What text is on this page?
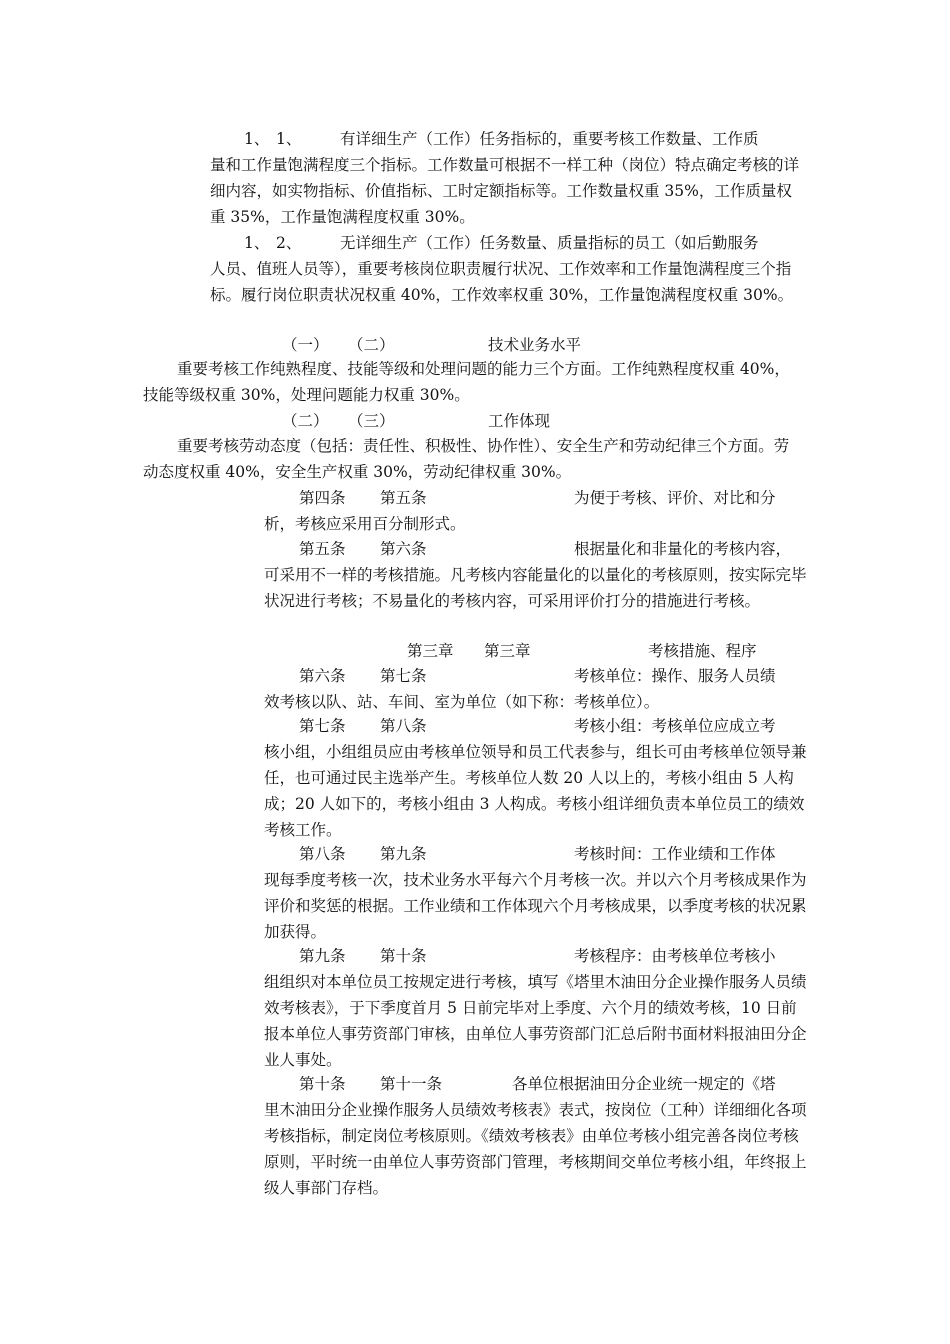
1、 1、 有详细生产（工作）任务指标的，重要考核工作数量、工作质
量和工作量饱满程度三个指标。工作数量可根据不一样工种（岗位）特点确定考核的详细内容，如实物指标、价值指标、工时定额指标等。工作数量权重 35%，工作质量权重 35%，工作量饱满程度权重 30%。
1、 2、 无详细生产（工作）任务数量、质量指标的员工（如后勤服务
人员、值班人员等），重要考核岗位职责履行状况、工作效率和工作量饱满程度三个指标。履行岗位职责状况权重 40%，工作效率权重 30%，工作量饱满程度权重 30%。
（一） （二）	技术业务水平
重要考核工作纯熟程度、技能等级和处理问题的能力三个方面。工作纯熟程度权重 40%，技能等级权重 30%，处理问题能力权重 30%。
（二） （三）	工作体现
重要考核劳动态度（包括：责任性、积极性、协作性）、安全生产和劳动纪律三个方面。劳动态度权重 40%，安全生产权重 30%，劳动纪律权重 30%。
第四条 第五条	为便于考核、评价、对比和分
析，考核应采用百分制形式。
第五条 第六条	根据量化和非量化的考核内容，
可采用不一样的考核措施。凡考核内容能量化的以量化的考核原则，按实际完毕状况进行考核；不易量化的考核内容，可采用评价打分的措施进行考核。
第三章 第三章	考核措施、程序
第六条 第七条	考核单位：操作、服务人员绩
效考核以队、站、车间、室为单位（如下称：考核单位）。
第七条 第八条	考核小组：考核单位应成立考
核小组，小组组员应由考核单位领导和员工代表参与，组长可由考核单位领导兼任，也可通过民主选举产生。考核单位人数 20 人以上的，考核小组由 5 人构成；20 人如下的，考核小组由 3 人构成。考核小组详细负责本单位员工的绩效考核工作。
第八条 第九条	考核时间：工作业绩和工作体
现每季度考核一次，技术业务水平每六个月考核一次。并以六个月考核成果作为评价和奖惩的根据。工作业绩和工作体现六个月考核成果，以季度考核的状况累加获得。
第九条 第十条	考核程序：由考核单位考核小
组组织对本单位员工按规定进行考核，填写《塔里木油田分企业操作服务人员绩效考核表》，于下季度首月 5 日前完毕对上季度、六个月的绩效考核，10 日前报本单位人事劳资部门审核，由单位人事劳资部门汇总后附书面材料报油田分企业人事处。
第十条 第十一条	各单位根据油田分企业统一规定的《塔
里木油田分企业操作服务人员绩效考核表》表式，按岗位（工种）详细细化各项考核指标，制定岗位考核原则。《绩效考核表》由单位考核小组完善各岗位考核原则，平时统一由单位人事劳资部门管理，考核期间交单位考核小组，年终报上级人事部门存档。
